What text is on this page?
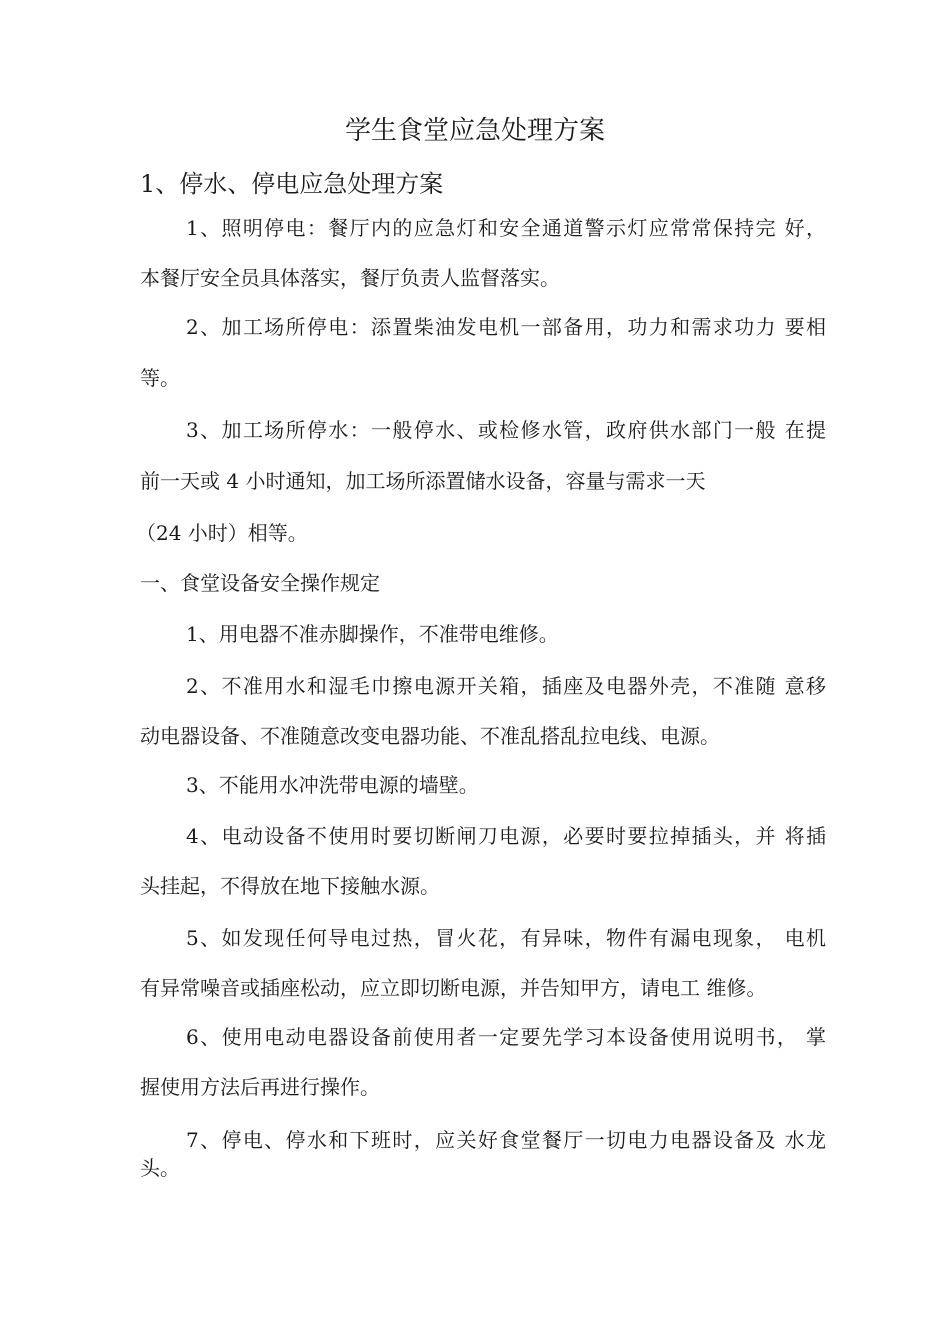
学生食堂应急处理方案
1、停水、停电应急处理方案
1、照明停电：餐厅内的应急灯和安全通道警示灯应常常保持完 好，
本餐厅安全员具体落实，餐厅负责人监督落实。
2、加工场所停电：添置柴油发电机一部备用，功力和需求功力 要相
等。
3、加工场所停水：一般停水、或检修水管，政府供水部门一般 在提
前一天或 4 小时通知，加工场所添置储水设备，容量与需求一天
（24 小时）相等。
一、食堂设备安全操作规定
1、用电器不准赤脚操作，不准带电维修。
2、不准用水和湿毛巾擦电源开关箱，插座及电器外壳，不准随 意移
动电器设备、不准随意改变电器功能、不准乱搭乱拉电线、电源。
3、不能用水冲洗带电源的墙壁。
4、电动设备不使用时要切断闸刀电源，必要时要拉掉插头，并 将插
头挂起，不得放在地下接触水源。
5、如发现任何导电过热，冒火花，有异味，物件有漏电现象， 电机
有异常噪音或插座松动，应立即切断电源，并告知甲方，请电工 维修。
6、使用电动电器设备前使用者一定要先学习本设备使用说明书， 掌
握使用方法后再进行操作。
7、停电、停水和下班时，应关好食堂餐厅一切电力电器设备及 水龙
头。
